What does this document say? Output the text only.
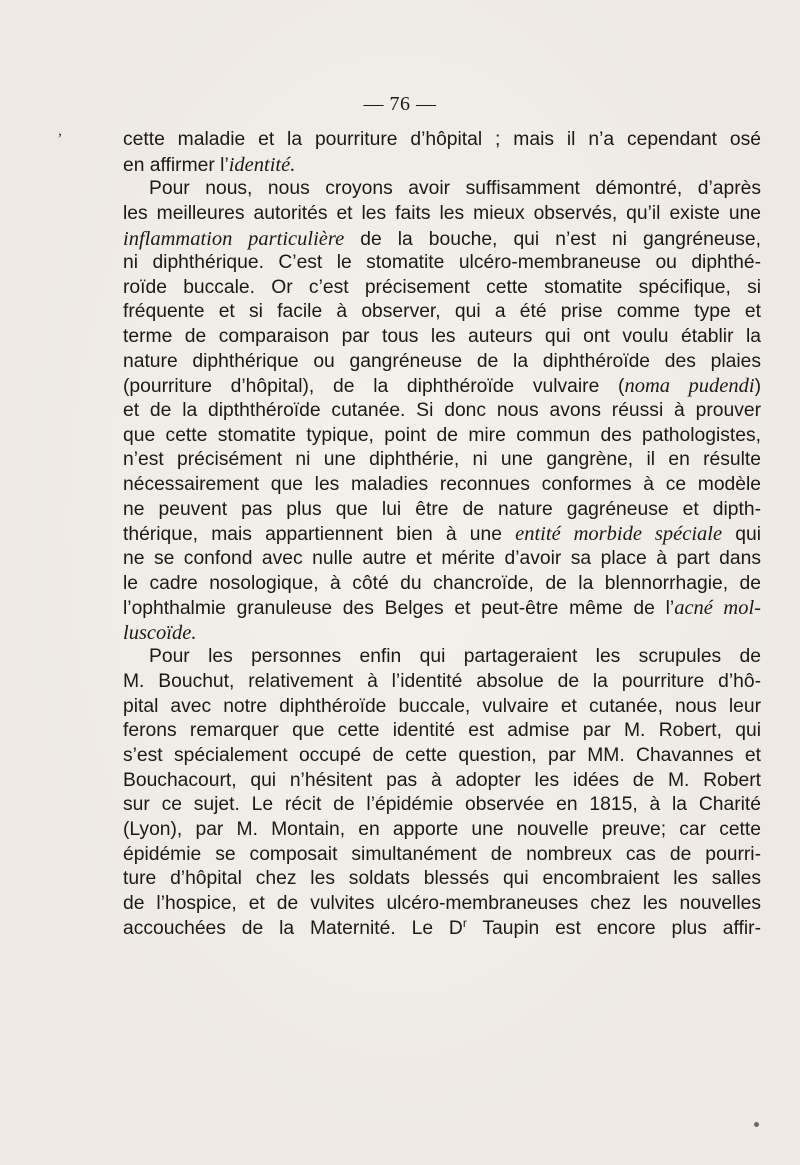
— 76 —
cette maladie et la pourriture d’hôpital ; mais il n’a cependant osé
en affirmer l’identité.
Pour nous, nous croyons avoir suffisamment démontré, d’après
les meilleures autorités et les faits les mieux observés, qu’il existe une
inflammation particulière de la bouche, qui n’est ni gangréneuse,
ni diphthérique. C’est le stomatite ulcéro-membraneuse ou diphthé-
roïde buccale. Or c’est précisement cette stomatite spécifique, si
fréquente et si facile à observer, qui a été prise comme type et
terme de comparaison par tous les auteurs qui ont voulu établir la
nature diphthérique ou gangréneuse de la diphthéroïde des plaies
(pourriture d’hôpital), de la diphthéroïde vulvaire (noma pudendi)
et de la dipththéroïde cutanée. Si donc nous avons réussi à prouver
que cette stomatite typique, point de mire commun des pathologistes,
n’est précisément ni une diphthérie, ni une gangrène, il en résulte
nécessairement que les maladies reconnues conformes à ce modèle
ne peuvent pas plus que lui être de nature gagréneuse et dipth-
thérique, mais appartiennent bien à une entité morbide spéciale qui
ne se confond avec nulle autre et mérite d’avoir sa place à part dans
le cadre nosologique, à côté du chancroïde, de la blennorrhagie, de
l’ophthalmie granuleuse des Belges et peut-être même de l’acné mol-
luscoïde.
Pour les personnes enfin qui partageraient les scrupules de
M. Bouchut, relativement à l’identité absolue de la pourriture d’hô-
pital avec notre diphthéroïde buccale, vulvaire et cutanée, nous leur
ferons remarquer que cette identité est admise par M. Robert, qui
s’est spécialement occupé de cette question, par MM. Chavannes et
Bouchacourt, qui n’hésitent pas à adopter les idées de M. Robert
sur ce sujet. Le récit de l’épidémie observée en 1815, à la Charité
(Lyon), par M. Montain, en apporte une nouvelle preuve; car cette
épidémie se composait simultanément de nombreux cas de pourri-
ture d’hôpital chez les soldats blessés qui encombraient les salles
de l’hospice, et de vulvites ulcéro-membraneuses chez les nouvelles
accouchées de la Maternité. Le $D^r$ Taupin est encore plus affir-
,
